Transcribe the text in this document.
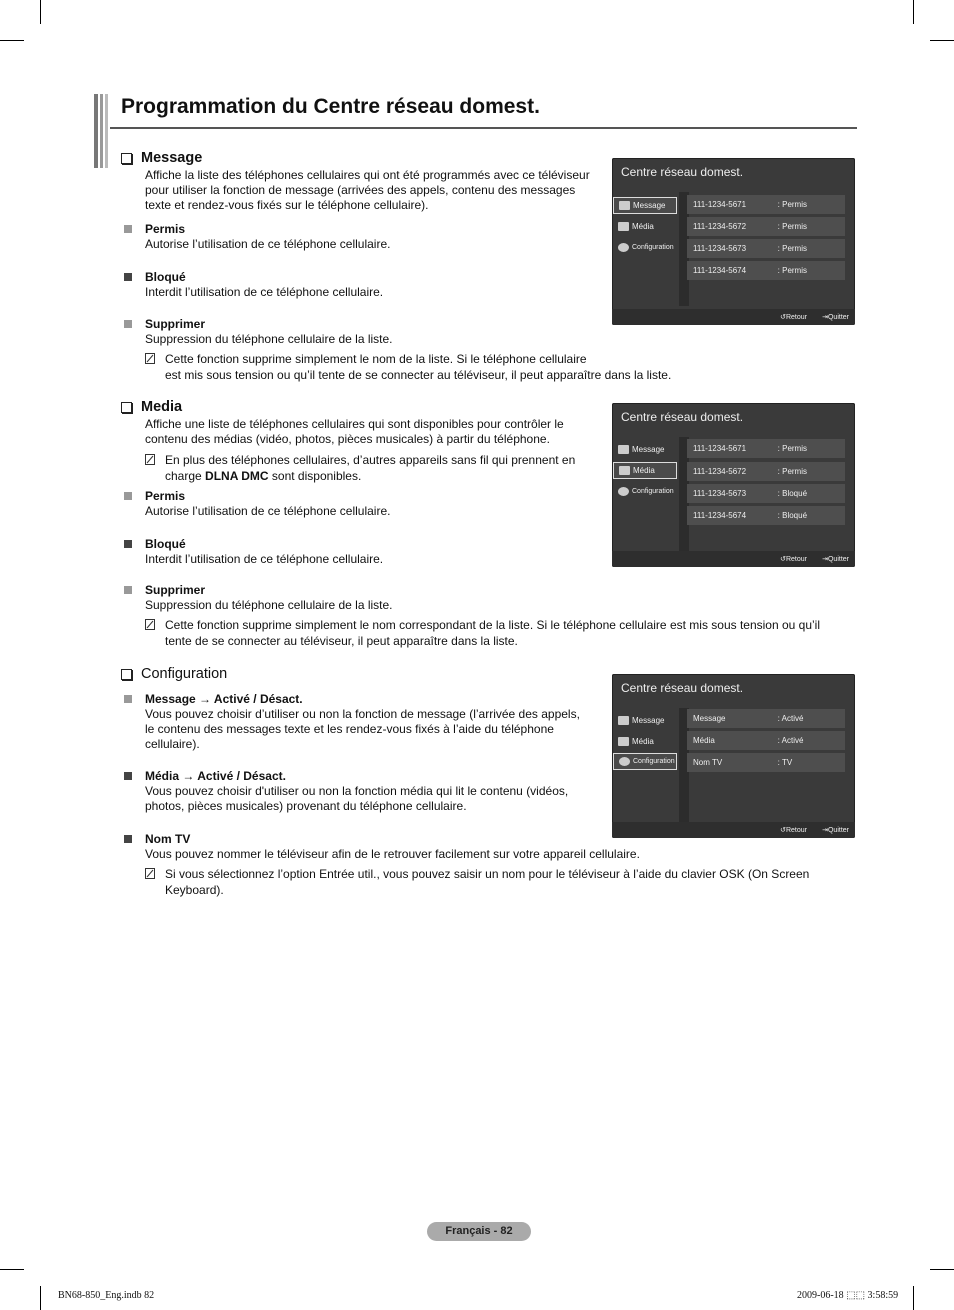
Programmation du Centre réseau domest.
Message
Affiche la liste des téléphones cellulaires qui ont été programmés avec ce téléviseur
pour utiliser la fonction de message (arrivées des appels, contenu des messages
texte et rendez-vous fixés sur le téléphone cellulaire).
Permis
Autorise l’utilisation de ce téléphone cellulaire.
Bloqué
Interdit l’utilisation de ce téléphone cellulaire.
Supprimer
Suppression du téléphone cellulaire de la liste.
Cette fonction supprime simplement le nom de la liste. Si le téléphone cellulaire
est mis sous tension ou qu’il tente de se connecter au téléviseur, il peut apparaître dans la liste.
Centre réseau domest.
Message
Média
Configuration
111-1234-5671	: Permis
111-1234-5672	: Permis
111-1234-5673	: Permis
111-1234-5674	: Permis
↺Retour ⇥Quitter
Media
Affiche une liste de téléphones cellulaires qui sont disponibles pour contrôler le
contenu des médias (vidéo, photos, pièces musicales) à partir du téléphone.
En plus des téléphones cellulaires, d’autres appareils sans fil qui prennent en
charge DLNA DMC sont disponibles.
Permis
Autorise l’utilisation de ce téléphone cellulaire.
Bloqué
Interdit l’utilisation de ce téléphone cellulaire.
Supprimer
Suppression du téléphone cellulaire de la liste.
Cette fonction supprime simplement le nom correspondant de la liste. Si le téléphone cellulaire est mis sous tension ou qu’il
tente de se connecter au téléviseur, il peut apparaître dans la liste.
Centre réseau domest.
Message
Média
Configuration
111-1234-5671	: Permis
111-1234-5672	: Permis
111-1234-5673	: Bloqué
111-1234-5674	: Bloqué
↺Retour ⇥Quitter
Configuration
Message → Activé / Désact.
Vous pouvez choisir d’utiliser ou non la fonction de message (l’arrivée des appels,
le contenu des messages texte et les rendez-vous fixés à l’aide du téléphone
cellulaire).
Média → Activé / Désact.
Vous pouvez choisir d'utiliser ou non la fonction média qui lit le contenu (vidéos,
photos, pièces musicales) provenant du téléphone cellulaire.
Nom TV
Vous pouvez nommer le téléviseur afin de le retrouver facilement sur votre appareil cellulaire.
Si vous sélectionnez l’option Entrée util., vous pouvez saisir un nom pour le téléviseur à l’aide du clavier OSK (On Screen
Keyboard).
Centre réseau domest.
Message
Média
Configuration
Message	: Activé
Média	: Activé
Nom TV	: TV
↺Retour ⇥Quitter
Français - 82
BN68-850_Eng.indb 82	2009-06-18 ⬚⬚ 3:58:59
